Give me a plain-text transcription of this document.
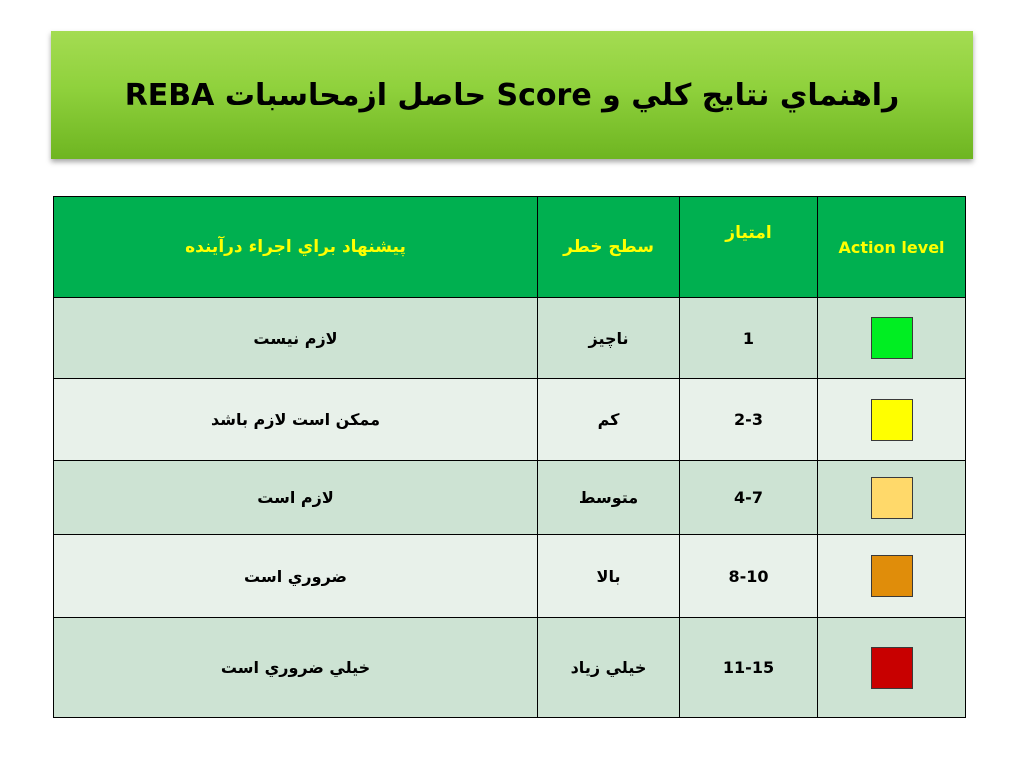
راهنماي نتايج كلي و Score حاصل ازمحاسبات REBA
پيشنهاد براي اجراء درآينده	سطح خطر	امتياز	Action level
لازم نيست	ناچيز	1	
ممكن است لازم باشد	كم	2-3	
لازم است	متوسط	4-7	
ضروري است	بالا	8-10	
خيلي ضروري است	خيلي زياد	11-15	
